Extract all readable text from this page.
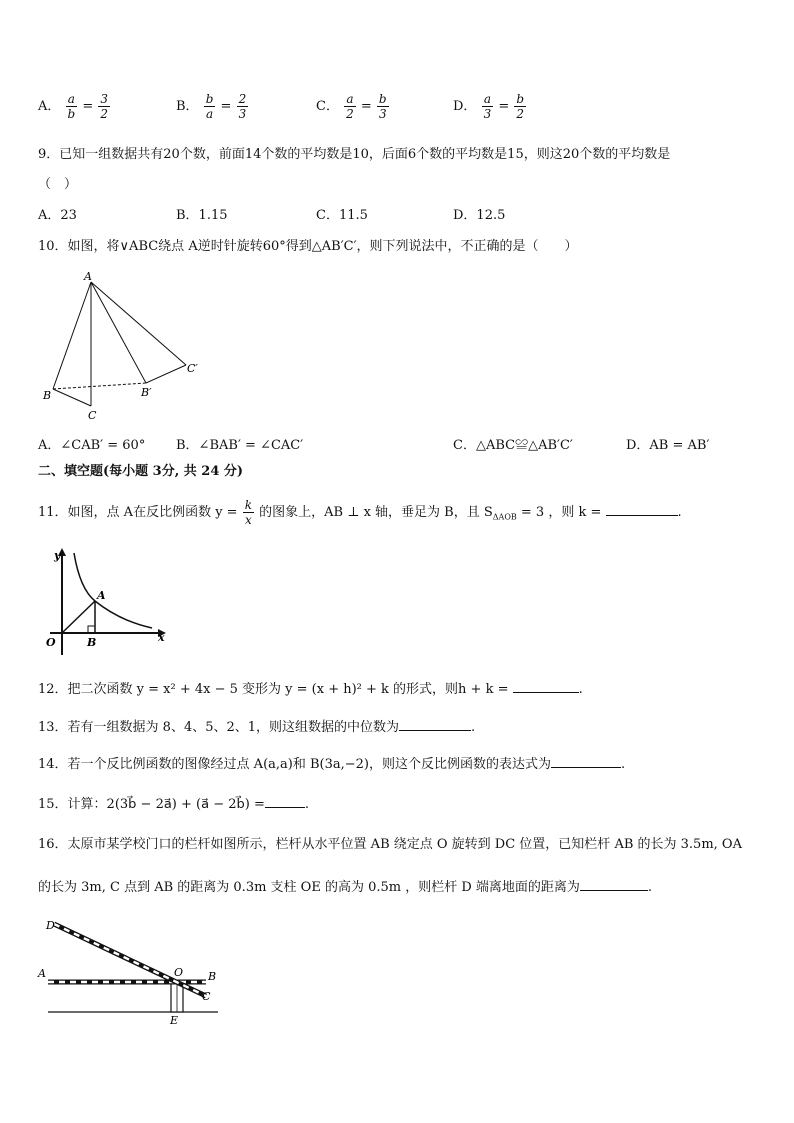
A． $\frac{a}{b} = \frac{3}{2}$	B． $\frac{b}{a} = \frac{2}{3}$	C． $\frac{a}{2} = \frac{b}{3}$	D． $\frac{a}{3} = \frac{b}{2}$
9．已知一组数据共有20个数，前面14个数的平均数是10，后面6个数的平均数是15，则这20个数的平均数是
（　）
A．23	B．1.15	C．11.5	D．12.5
10．如图，将∨ABC绕点 A逆时针旋转60°得到△AB′C′，则下列说法中，不正确的是（　　）
A
B
C
B′
C′
A．∠CAB′ = 60° B．∠BAB′ = ∠CAC′	C．△ABC≌△AB′C′	D．AB = AB′
二、填空题(每小题 3分, 共 24 分)
11．如图，点 A在反比例函数 $y = \frac{k}{x}$ 的图象上，AB ⊥ x 轴，垂足为 B，且 $S_{\Delta AOB} = 3$ ，则 k =	.
y
x
O
A
B
12．把二次函数 y = x² + 4x − 5 变形为 y = (x + h)² + k 的形式，则h + k =	.
13．若有一组数据为 8、4、5、2、1，则这组数据的中位数为	.
14．若一个反比例函数的图像经过点 A(a,a)和 B(3a,−2)，则这个反比例函数的表达式为	.
15．计算：2(3b⃗ − 2a⃗) + (a⃗ − 2b⃗) =	.
16．太原市某学校门口的栏杆如图所示，栏杆从水平位置 AB 绕定点 O 旋转到 DC 位置，已知栏杆 AB 的长为 3.5m, OA
的长为 3m, C 点到 AB 的距离为 0.3m 支柱 OE 的高为 0.5m ，则栏杆 D 端离地面的距离为	.
D
A	O B
C
E
